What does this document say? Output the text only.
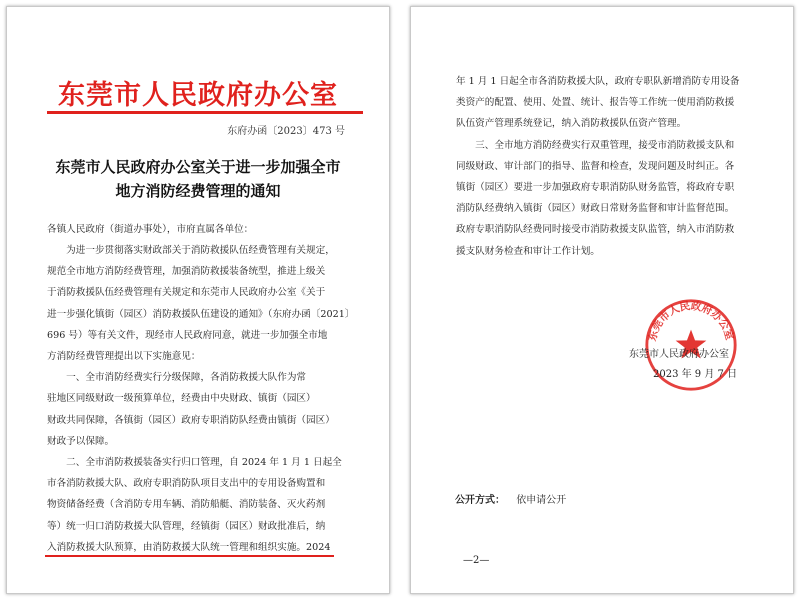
东莞市人民政府办公室
东府办函〔2023〕473 号
东莞市人民政府办公室关于进一步加强全市
地方消防经费管理的通知

各镇人民政府（街道办事处），市府直属各单位：

　　为进一步贯彻落实财政部关于消防救援队伍经费管理有关规定，

规范全市地方消防经费管理，加强消防救援装备统型，推进上级关

于消防救援队伍经费管理有关规定和东莞市人民政府办公室《关于

进一步强化镇街（园区）消防救援队伍建设的通知》（东府办函〔2021〕

696 号）等有关文件，现经市人民政府同意，就进一步加强全市地

方消防经费管理提出以下实施意见：

　　一、全市消防经费实行分级保障，各消防救援大队作为常

驻地区同级财政一级预算单位，经费由中央财政、镇街（园区）

财政共同保障，各镇街（园区）政府专职消防队经费由镇街（园区）

财政予以保障。

　　二、全市消防救援装备实行归口管理，自 2024 年 1 月 1 日起全

市各消防救援大队、政府专职消防队项目支出中的专用设备购置和

物资储备经费（含消防专用车辆、消防船艇、消防装备、灭火药剂

等）统一归口消防救援大队管理，经镇街（园区）财政批准后，纳

入消防救援大队预算，由消防救援大队统一管理和组织实施。2024

年 1 月 1 日起全市各消防救援大队，政府专职队新增消防专用设备

类资产的配置、使用、处置、统计、报告等工作统一使用消防救援

队伍资产管理系统登记，纳入消防救援队伍资产管理。

　　三、全市地方消防经费实行双重管理，接受市消防救援支队和

同级财政、审计部门的指导、监督和检查，发现问题及时纠正。各

镇街（园区）要进一步加强政府专职消防队财务监管，将政府专职

消防队经费纳入镇街（园区）财政日常财务监督和审计监督范围。

政府专职消防队经费同时接受市消防救援支队监管，纳入市消防救

援支队财务检查和审计工作计划。

东莞市人民政府办公室
东莞市人民政府办公室
2023 年 9 月 7 日
公开方式： 依申请公开
—2—
